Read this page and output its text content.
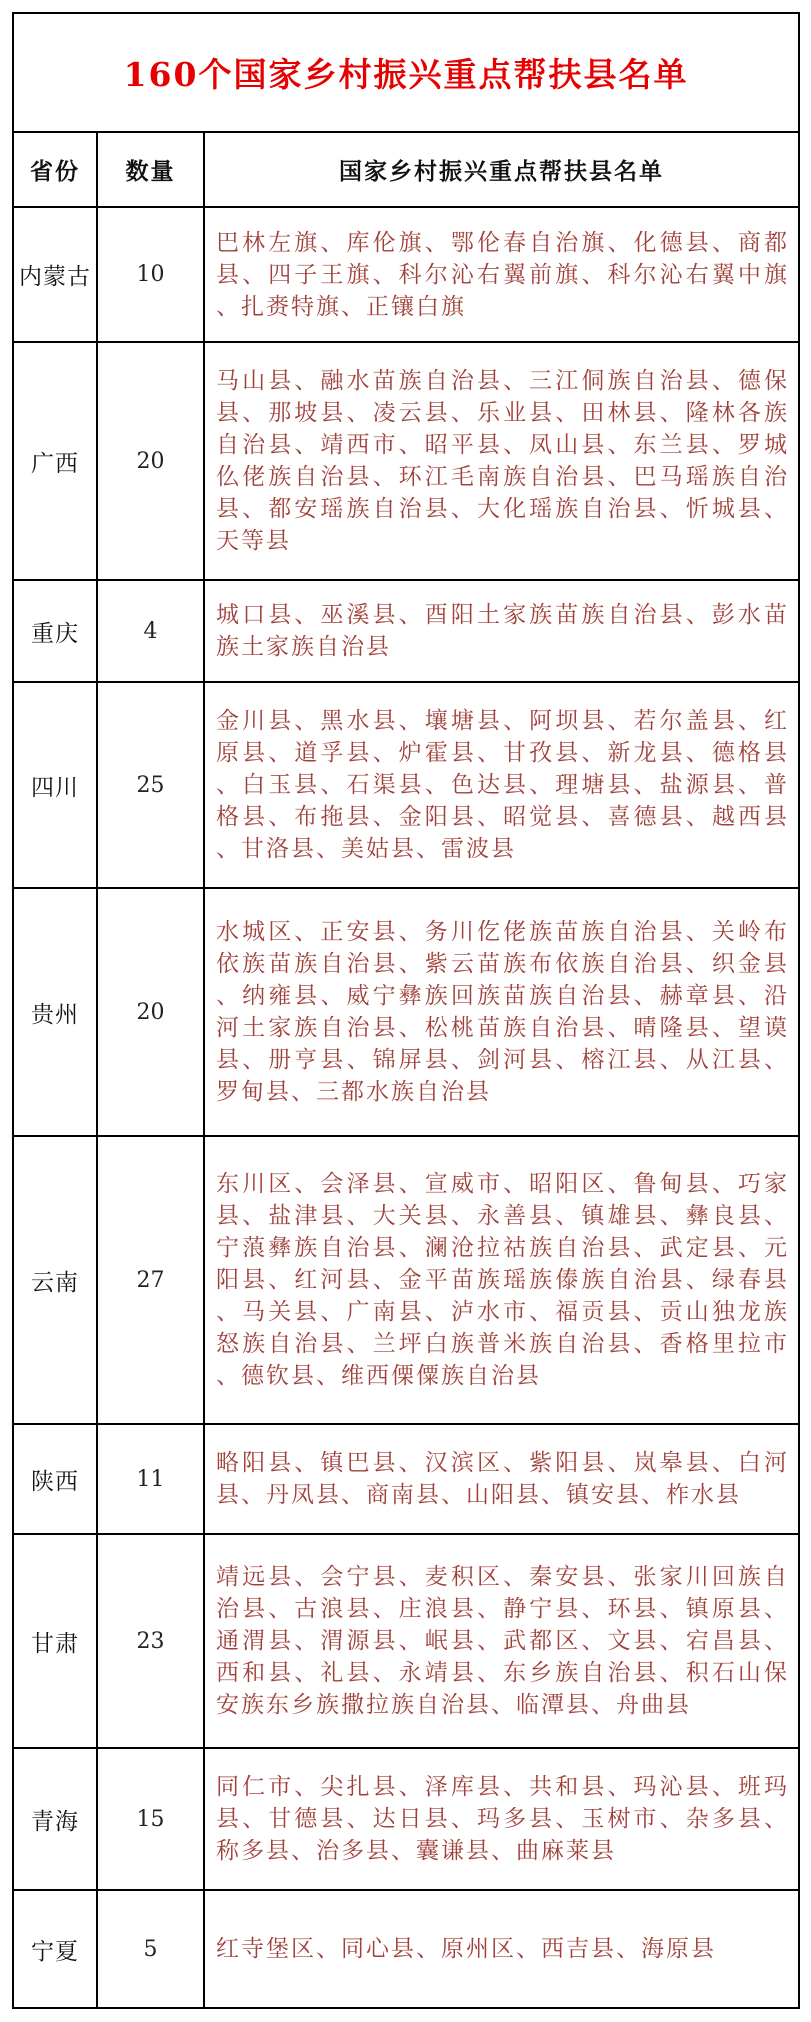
160个国家乡村振兴重点帮扶县名单		
省份	数量	国家乡村振兴重点帮扶县名单
内蒙古	10	巴林左旗、库伦旗、鄂伦春自治旗、化德县、商都县、四子王旗、科尔沁右翼前旗、科尔沁右翼中旗、扎赉特旗、正镶白旗
广西	20	马山县、融水苗族自治县、三江侗族自治县、德保县、那坡县、凌云县、乐业县、田林县、隆林各族自治县、靖西市、昭平县、凤山县、东兰县、罗城仫佬族自治县、环江毛南族自治县、巴马瑶族自治县、都安瑶族自治县、大化瑶族自治县、忻城县、天等县
重庆	4	城口县、巫溪县、酉阳土家族苗族自治县、彭水苗族土家族自治县
四川	25	金川县、黑水县、壤塘县、阿坝县、若尔盖县、红原县、道孚县、炉霍县、甘孜县、新龙县、德格县、白玉县、石渠县、色达县、理塘县、盐源县、普格县、布拖县、金阳县、昭觉县、喜德县、越西县、甘洛县、美姑县、雷波县
贵州	20	水城区、正安县、务川仡佬族苗族自治县、关岭布依族苗族自治县、紫云苗族布依族自治县、织金县、纳雍县、威宁彝族回族苗族自治县、赫章县、沿河土家族自治县、松桃苗族自治县、晴隆县、望谟县、册亨县、锦屏县、剑河县、榕江县、从江县、罗甸县、三都水族自治县
云南	27	东川区、会泽县、宣威市、昭阳区、鲁甸县、巧家县、盐津县、大关县、永善县、镇雄县、彝良县、宁蒗彝族自治县、澜沧拉祜族自治县、武定县、元阳县、红河县、金平苗族瑶族傣族自治县、绿春县、马关县、广南县、泸水市、福贡县、贡山独龙族怒族自治县、兰坪白族普米族自治县、香格里拉市、德钦县、维西傈僳族自治县
陕西	11	略阳县、镇巴县、汉滨区、紫阳县、岚皋县、白河县、丹凤县、商南县、山阳县、镇安县、柞水县
甘肃	23	靖远县、会宁县、麦积区、秦安县、张家川回族自治县、古浪县、庄浪县、静宁县、环县、镇原县、通渭县、渭源县、岷县、武都区、文县、宕昌县、西和县、礼县、永靖县、东乡族自治县、积石山保安族东乡族撒拉族自治县、临潭县、舟曲县
青海	15	同仁市、尖扎县、泽库县、共和县、玛沁县、班玛县、甘德县、达日县、玛多县、玉树市、杂多县、称多县、治多县、囊谦县、曲麻莱县
宁夏	5	红寺堡区、同心县、原州区、西吉县、海原县
